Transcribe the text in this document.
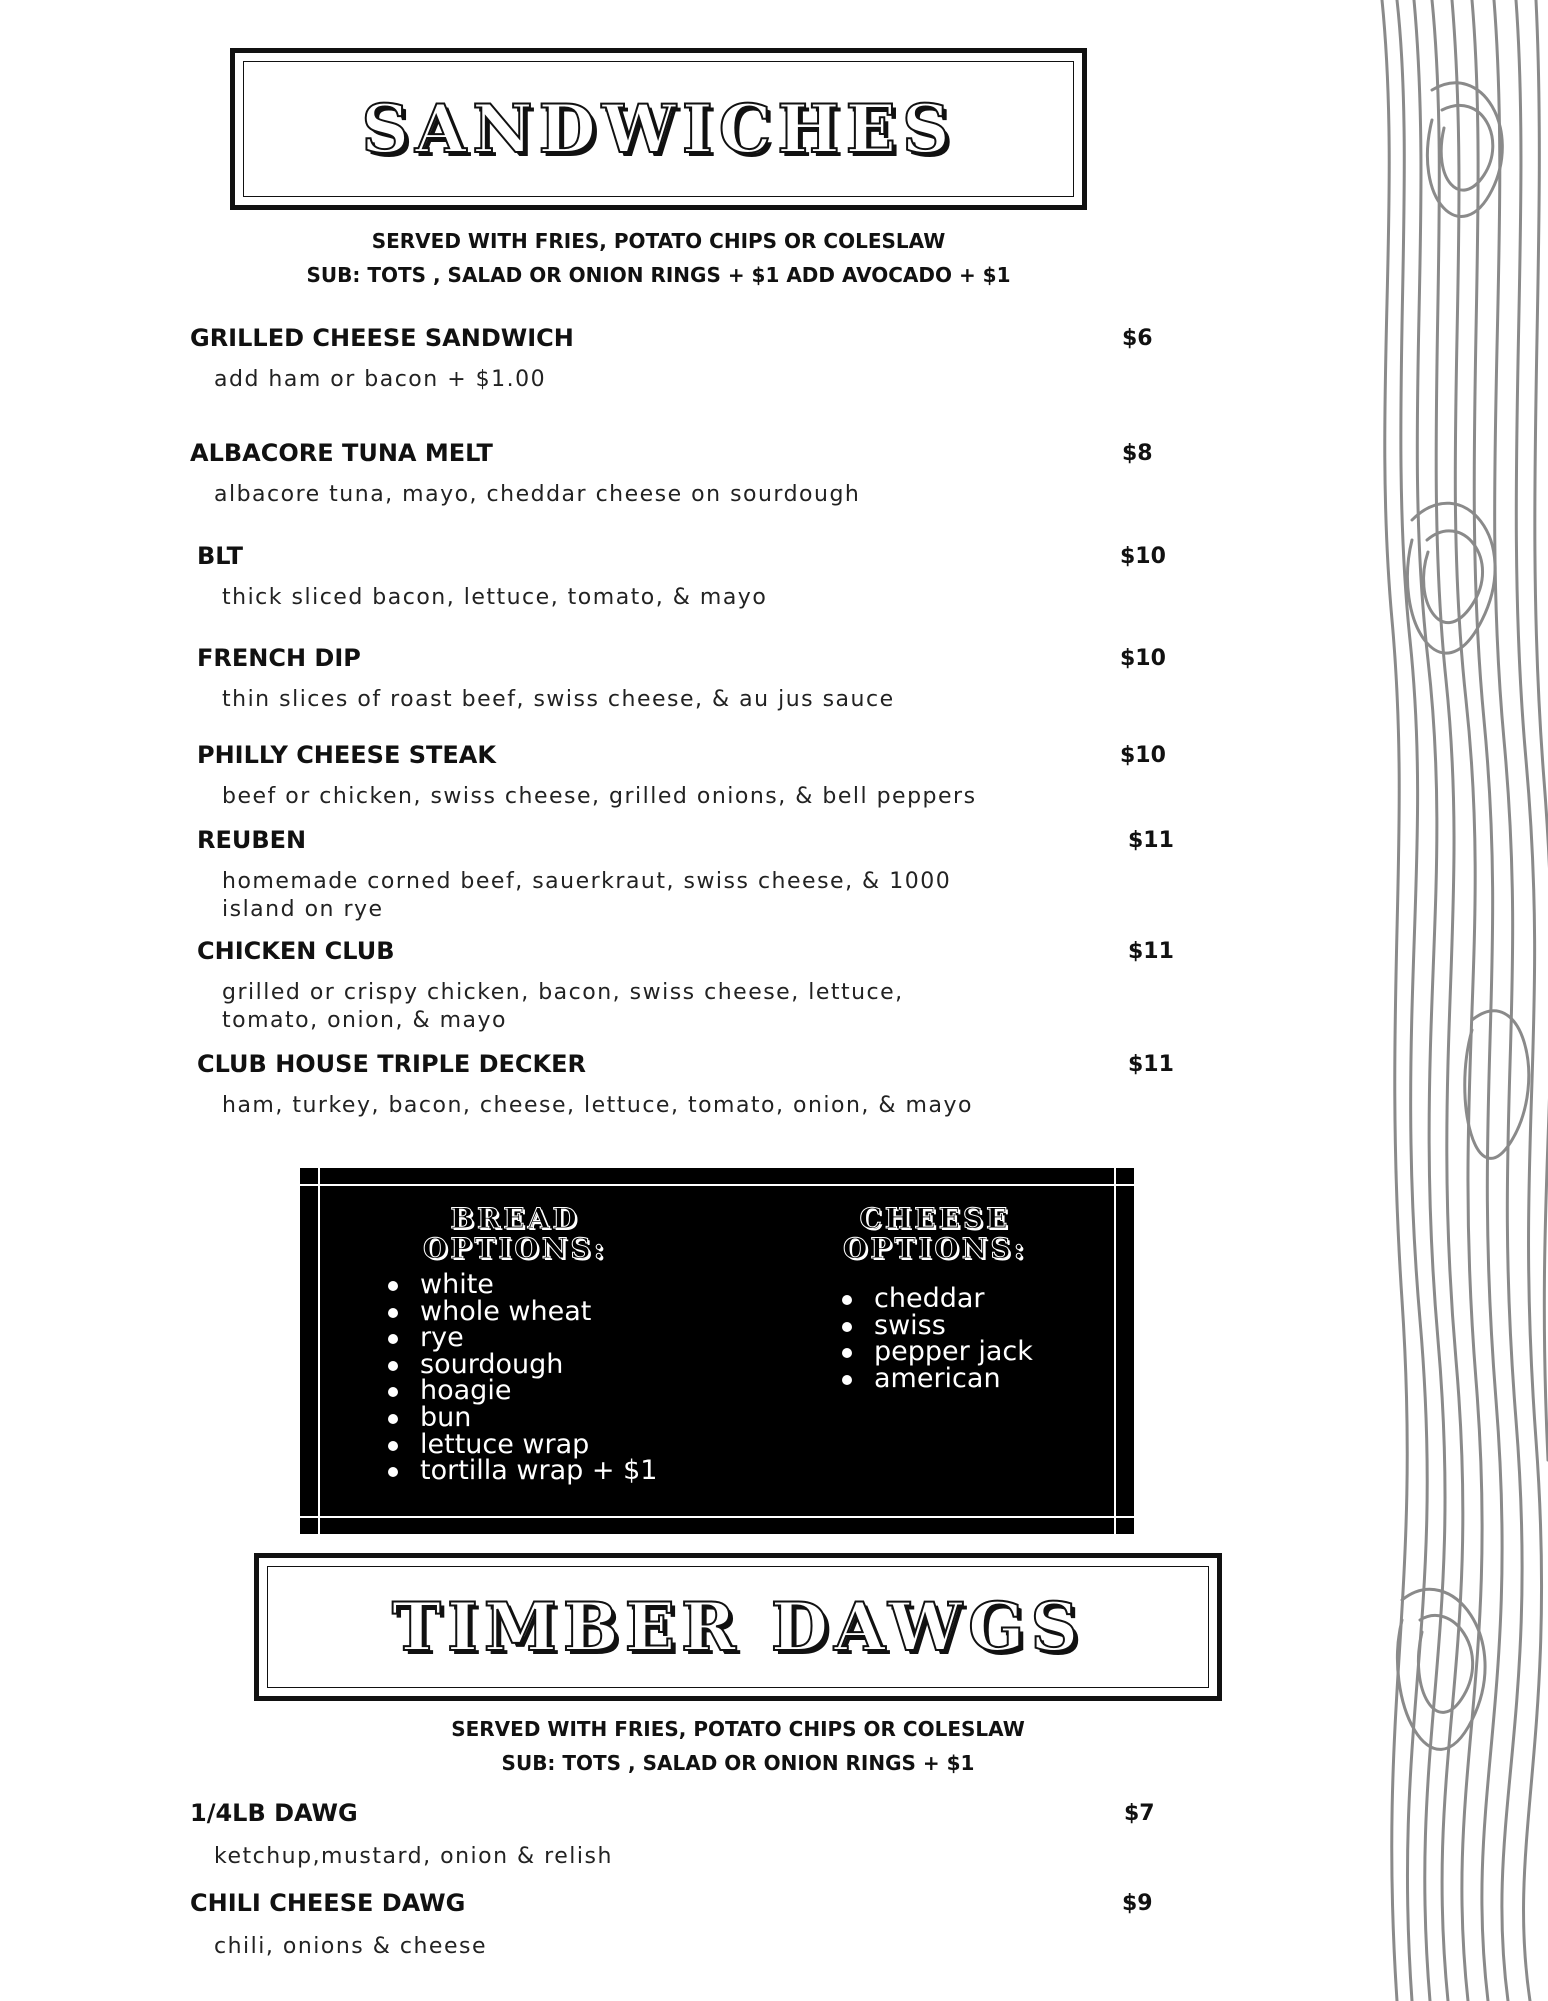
SANDWICHES
SERVED WITH FRIES, POTATO CHIPS OR COLESLAW
SUB: TOTS , SALAD OR ONION RINGS + $1 ADD AVOCADO + $1
GRILLED CHEESE SANDWICH	$6
add ham or bacon + $1.00
ALBACORE TUNA MELT	$8
albacore tuna, mayo, cheddar cheese on sourdough
BLT	$10
thick sliced bacon, lettuce, tomato, & mayo
FRENCH DIP	$10
thin slices of roast beef, swiss cheese, & au jus sauce
PHILLY CHEESE STEAK	$10
beef or chicken, swiss cheese, grilled onions, & bell peppers
REUBEN	$11
homemade corned beef, sauerkraut, swiss cheese, & 1000
island on rye
CHICKEN CLUB	$11
grilled or crispy chicken, bacon, swiss cheese, lettuce,
tomato, onion, & mayo
CLUB HOUSE TRIPLE DECKER	$11
ham, turkey, bacon, cheese, lettuce, tomato, onion, & mayo
BREAD
OPTIONS:
white
whole wheat
rye
sourdough
hoagie
bun
lettuce wrap
tortilla wrap + $1
CHEESE
OPTIONS:
cheddar
swiss
pepper jack
american
TIMBER DAWGS
SERVED WITH FRIES, POTATO CHIPS OR COLESLAW
SUB: TOTS , SALAD OR ONION RINGS + $1
1/4LB DAWG	$7
ketchup,mustard, onion & relish
CHILI CHEESE DAWG	$9
chili, onions & cheese
